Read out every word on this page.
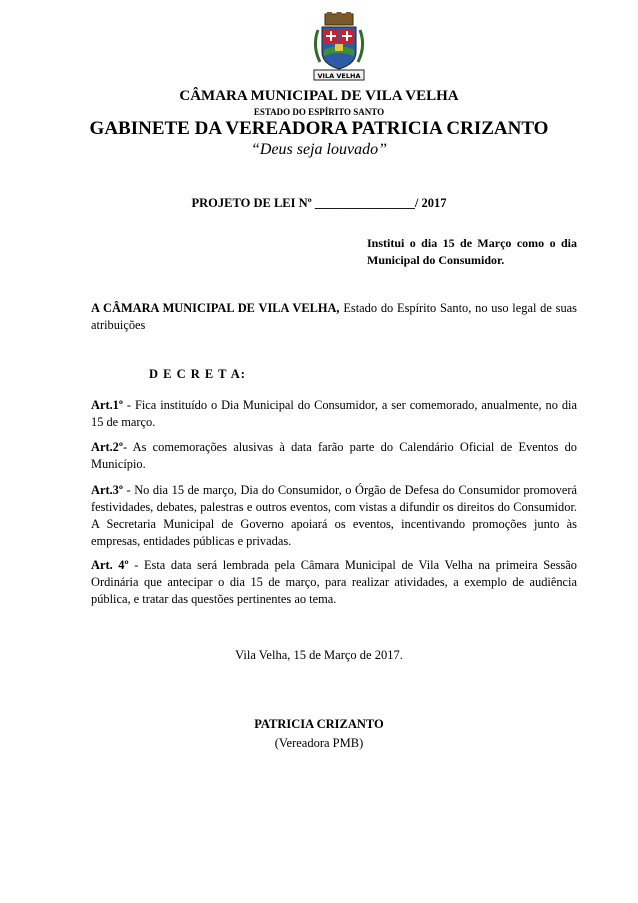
VILA VELHA
CÂMARA MUNICIPAL DE VILA VELHA
ESTADO DO ESPÍRITO SANTO
GABINETE DA VEREADORA PATRICIA CRIZANTO
“Deus seja louvado”
PROJETO DE LEI Nº ________________/ 2017
Institui o dia 15 de Março como o dia Municipal do Consumidor.
A CÂMARA MUNICIPAL DE VILA VELHA, Estado do Espírito Santo, no uso legal de suas atribuições
D E C R E T A:
Art.1º - Fica instituído o Dia Municipal do Consumidor, a ser comemorado, anualmente, no dia 15 de março.
Art.2º- As comemorações alusivas à data farão parte do Calendário Oficial de Eventos do Município.
Art.3º - No dia 15 de março, Dia do Consumidor, o Órgão de Defesa do Consumidor promoverá festividades, debates, palestras e outros eventos, com vistas a difundir os direitos do Consumidor. A Secretaria Municipal de Governo apoiará os eventos, incentivando promoções junto às empresas, entidades públicas e privadas.
Art. 4º - Esta data será lembrada pela Câmara Municipal de Vila Velha na primeira Sessão Ordinária que antecipar o dia 15 de março, para realizar atividades, a exemplo de audiência pública, e tratar das questões pertinentes ao tema.
Vila Velha, 15 de Março de 2017.
PATRICIA CRIZANTO
(Vereadora PMB)
